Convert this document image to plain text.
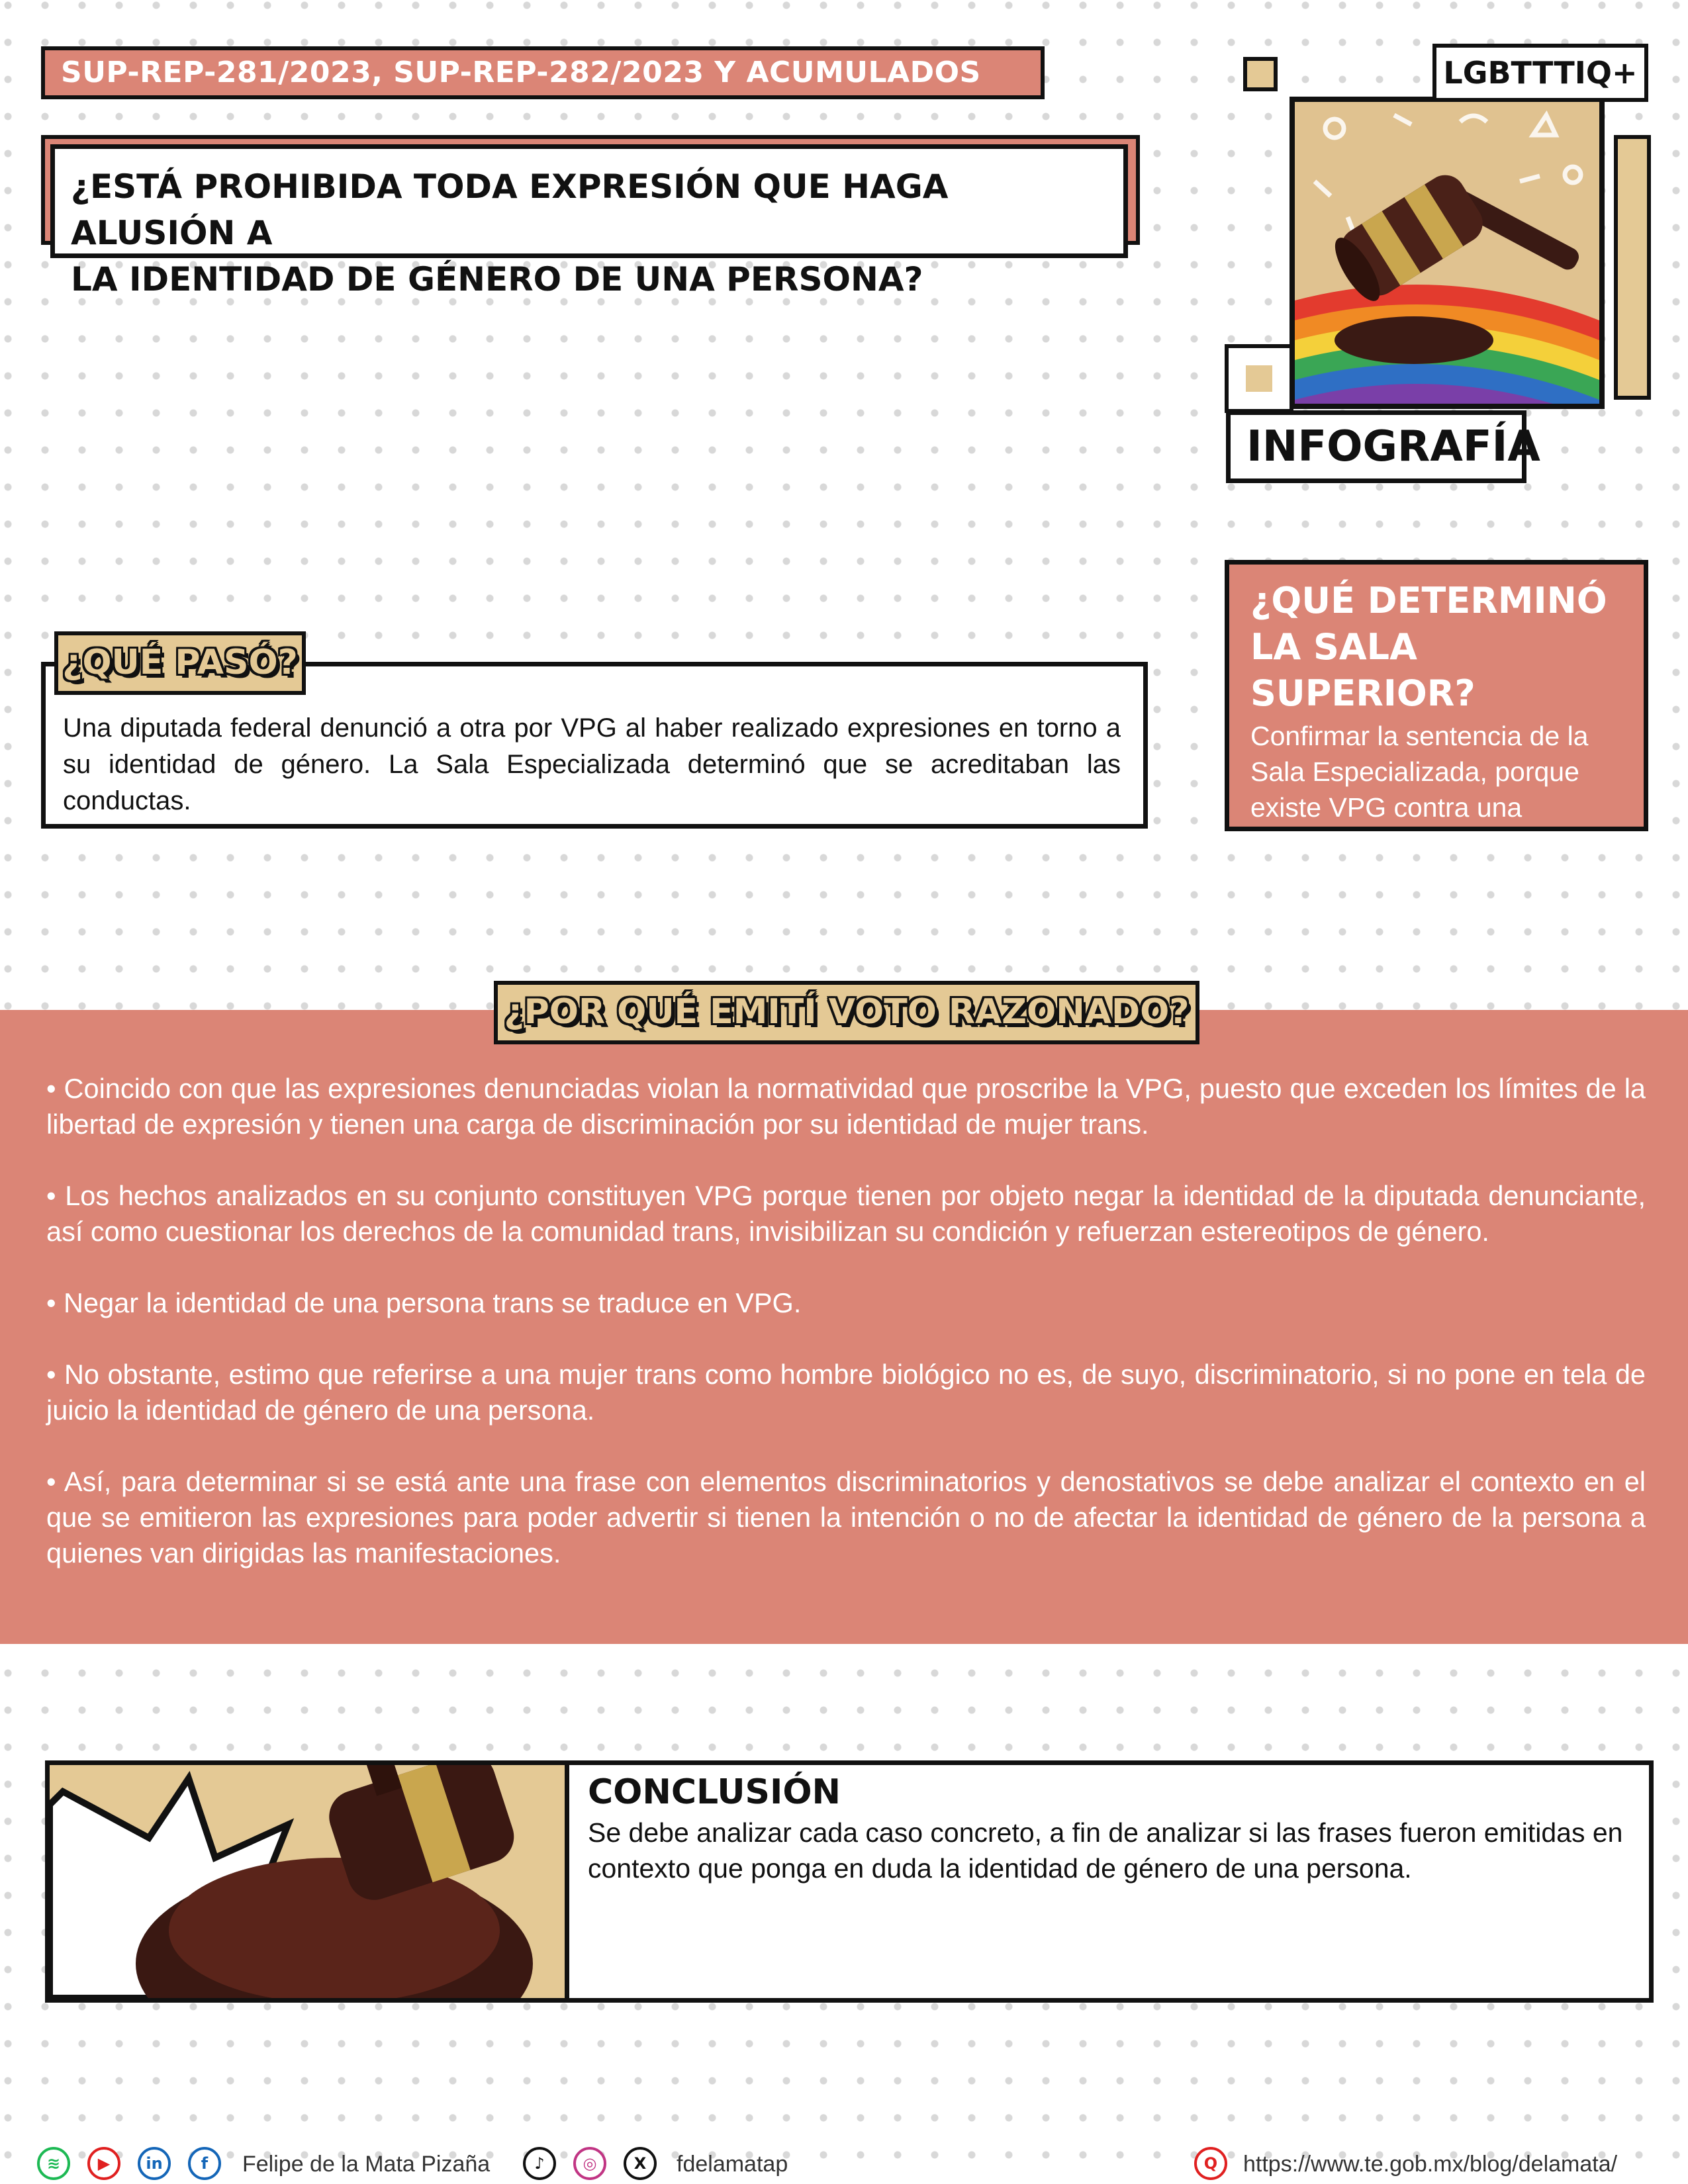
SUP-REP-281/2023, SUP-REP-282/2023 Y ACUMULADOS
¿ESTÁ PROHIBIDA TODA EXPRESIÓN QUE HAGA ALUSIÓN A
LA IDENTIDAD DE GÉNERO DE UNA PERSONA?
LGBTTTIQ+
INFOGRAFÍA
Una diputada federal denunció a otra por VPG al haber realizado expresiones en torno a su identidad de género. La Sala Especializada determinó que se acreditaban las conductas.
¿QUÉ PASÓ?
¿QUÉ DETERMINÓ
LA SALA SUPERIOR?
Confirmar la sentencia de la Sala Especializada, porque existe VPG contra una diputada federal.
¿POR QUÉ EMITÍ VOTO RAZONADO?

• Coincido con que las expresiones denunciadas violan la normatividad que proscribe la VPG, puesto que exceden los límites de la libertad de expresión y tienen una carga de discriminación por su identidad de mujer trans.

• Los hechos analizados en su conjunto constituyen VPG porque tienen por objeto negar la identidad de la diputada denunciante, así como cuestionar los derechos de la comunidad trans, invisibilizan su condición y refuerzan estereotipos de género.

• Negar la identidad de una persona trans se traduce en VPG.

• No obstante, estimo que referirse a una mujer trans como hombre biológico no es, de suyo, discriminatorio, si no pone en tela de juicio la identidad de género de una persona.

• Así, para determinar si se está ante una frase con elementos discriminatorios y denostativos se debe analizar el contexto en el que se emitieron las expresiones para poder advertir si tienen la intención o no de afectar la identidad de género de la persona a quienes van dirigidas las manifestaciones.

CONCLUSIÓN
Se debe analizar cada caso concreto, a fin de analizar si las frases fueron emitidas en contexto que ponga en duda la identidad de género de una persona.
≋	▶	in	f	Felipe de la Mata Pizaña	♪	◎	X	fdelamatap	Q	https://www.te.gob.mx/blog/delamata/
